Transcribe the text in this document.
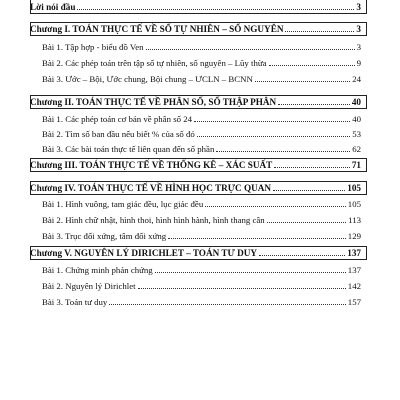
Lời nói đầu	3
Chương I. TOÁN THỰC TẾ VỀ SỐ TỰ NHIÊN – SỐ NGUYÊN	3
Bài 1. Tập hợp - biểu đồ Ven	3
Bài 2. Các phép toán trên tập số tự nhiên, số nguyên – Lũy thừa	9
Bài 3. Ước – Bội, Ước chung, Bội chung – ƯCLN – BCNN	24
Chương II. TOÁN THỰC TẾ VỀ PHÂN SỐ, SỐ THẬP PHÂN	40
Bài 1. Các phép toán cơ bản về phân số 24	40
Bài 2. Tìm số ban đầu nếu biết % của số đó	53
Bài 3. Các bài toán thực tế liên quan đến số phần	62
Chương III. TOÁN THỰC TẾ VỀ THỐNG KÊ – XÁC SUẤT	71
Chương IV. TOÁN THỰC TẾ VỀ HÌNH HỌC TRỰC QUAN	105
Bài 1. Hình vuông, tam giác đều, lục giác đều	105
Bài 2. Hình chữ nhật, hình thoi, hình hình hành, hình thang cân	113
Bài 3. Trục đối xứng, tâm đối xứng	129
Chương V. NGUYÊN LÝ DIRICHLET – TOÁN TƯ DUY	137
Bài 1. Chứng minh phản chứng	137
Bài 2. Nguyên lý Dirichlet	142
Bài 3. Toán tư duy	157
